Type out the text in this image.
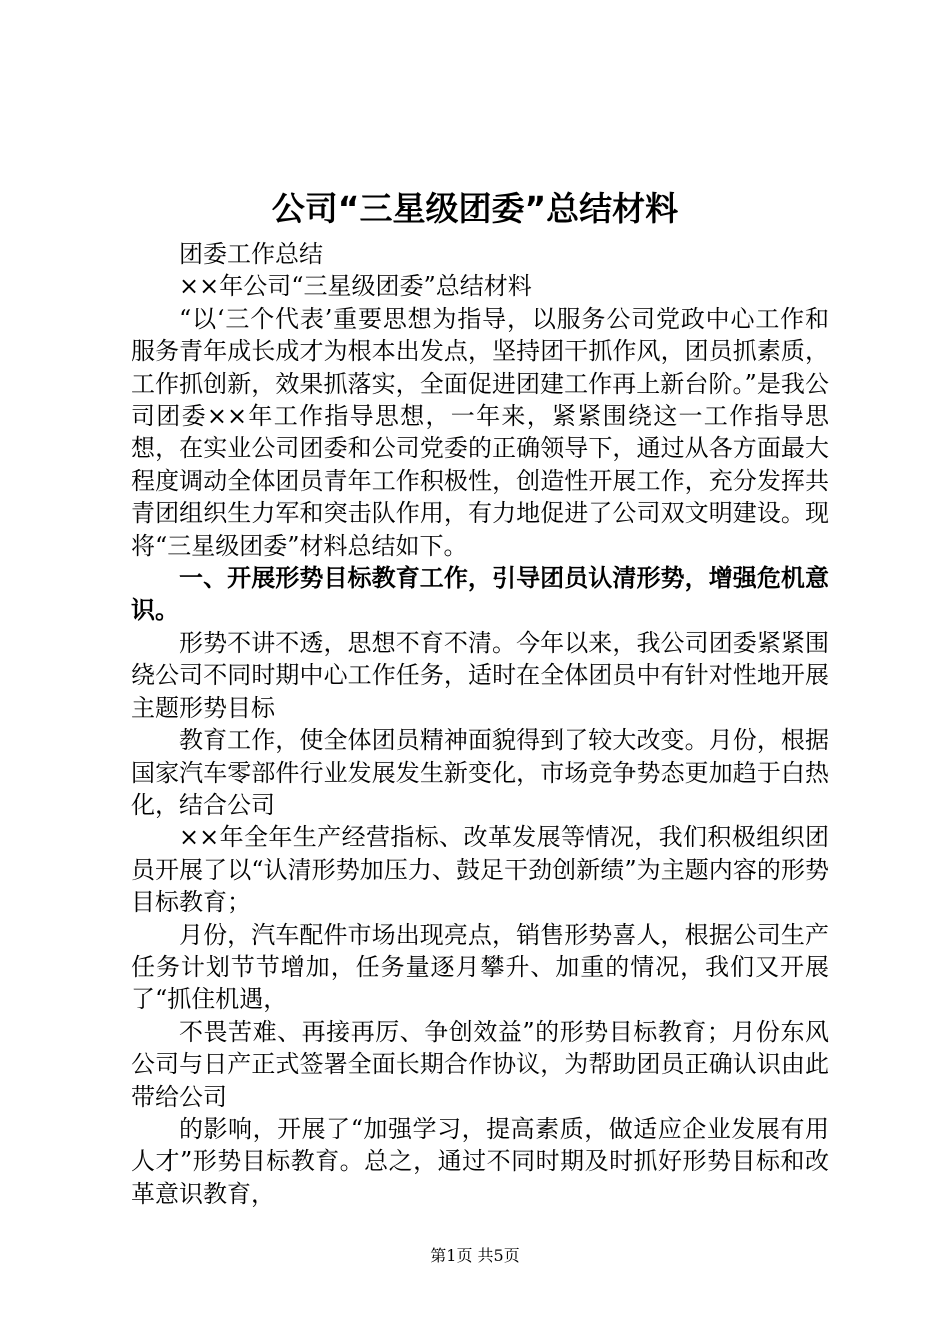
公司“三星级团委”总结材料

团委工作总结

××年公司“三星级团委”总结材料

“以‘三个代表’重要思想为指导，以服务公司党政中心工作和服务青年成长成才为根本出发点，坚持团干抓作风，团员抓素质，工作抓创新，效果抓落实，全面促进团建工作再上新台阶。”是我公司团委××年工作指导思想，一年来，紧紧围绕这一工作指导思想，在实业公司团委和公司党委的正确领导下，通过从各方面最大程度调动全体团员青年工作积极性，创造性开展工作，充分发挥共青团组织生力军和突击队作用，有力地促进了公司双文明建设。现将“三星级团委”材料总结如下。

一、开展形势目标教育工作，引导团员认清形势，增强危机意识。

形势不讲不透，思想不育不清。今年以来，我公司团委紧紧围绕公司不同时期中心工作任务，适时在全体团员中有针对性地开展主题形势目标

教育工作，使全体团员精神面貌得到了较大改变。月份，根据国家汽车零部件行业发展发生新变化，市场竞争势态更加趋于白热化，结合公司

××年全年生产经营指标、改革发展等情况，我们积极组织团员开展了以“认清形势加压力、鼓足干劲创新绩”为主题内容的形势目标教育；

月份，汽车配件市场出现亮点，销售形势喜人，根据公司生产任务计划节节增加，任务量逐月攀升、加重的情况，我们又开展了“抓住机遇，

不畏苦难、再接再厉、争创效益”的形势目标教育；月份东风公司与日产正式签署全面长期合作协议，为帮助团员正确认识由此带给公司

的影响，开展了“加强学习，提高素质，做适应企业发展有用人才”形势目标教育。总之，通过不同时期及时抓好形势目标和改革意识教育，

第1页 共5页
